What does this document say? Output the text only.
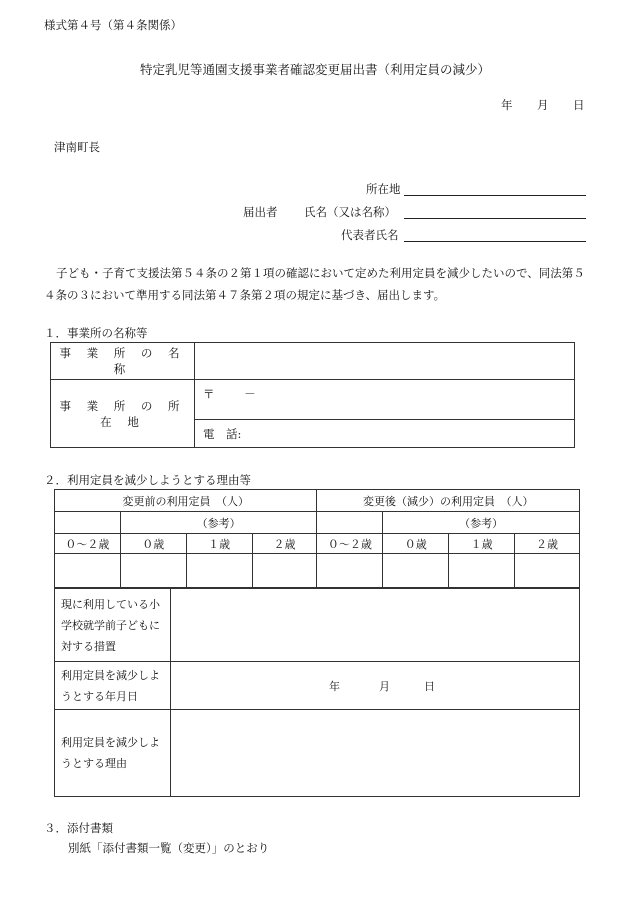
様式第４号（第４条関係）
特定乳児等通園支援事業者確認変更届出書（利用定員の減少）
年 月 日
津南町長
所在地
届出者 氏名（又は名称）
代表者氏名
子ども・子育て支援法第５４条の２第１項の確認において定めた利用定員を減少したいので、同法第５４条の３において準用する同法第４７条第２項の規定に基づき、届出します。
１．事業所の名称等
事 業 所 の 名 称	
事 業 所 の 所 在 地	〒 －
	電　話:
２．利用定員を減少しようとする理由等
変更前の利用定員　（人）				変更後（減少）の利用定員　（人）			
	（参考）				（参考）		
０～２歳	０歳	１歳	２歳	０～２歳	０歳	１歳	２歳

現に利用している小学校就学前子どもに対する措置	
利用定員を減少しようとする年月日	年 月 日

利用定員を減少しようとする理由	
３．添付書類
別紙「添付書類一覧（変更）」のとおり
